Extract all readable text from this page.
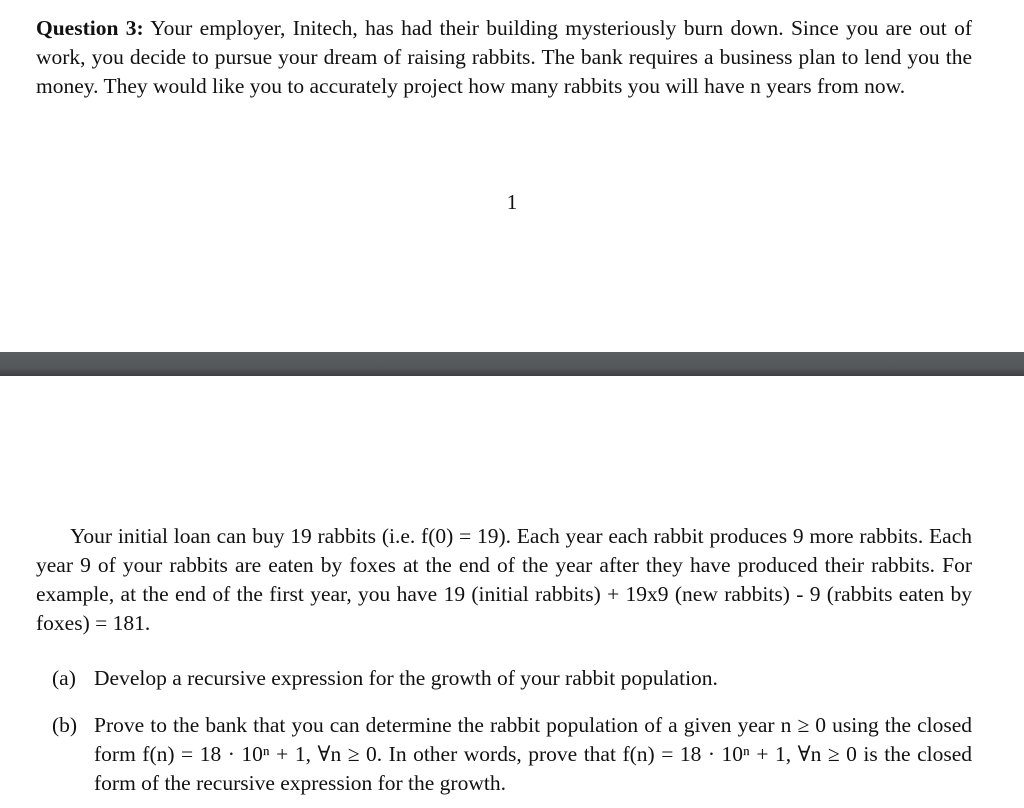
Question 3: Your employer, Initech, has had their building mysteriously burn down. Since you are out of work, you decide to pursue your dream of raising rabbits. The bank requires a business plan to lend you the money. They would like you to accurately project how many rabbits you will have n years from now.

1

Your initial loan can buy 19 rabbits (i.e. f(0) = 19). Each year each rabbit produces 9 more rabbits. Each year 9 of your rabbits are eaten by foxes at the end of the year after they have produced their rabbits. For example, at the end of the first year, you have 19 (initial rabbits) + 19x9 (new rabbits) - 9 (rabbits eaten by foxes) = 181.

(a) Develop a recursive expression for the growth of your rabbit population.
(b) Prove to the bank that you can determine the rabbit population of a given year n ≥ 0 using the closed form f(n) = 18 · 10ⁿ + 1, ∀n ≥ 0. In other words, prove that f(n) = 18 · 10ⁿ + 1, ∀n ≥ 0 is the closed form of the recursive expression for the growth.
